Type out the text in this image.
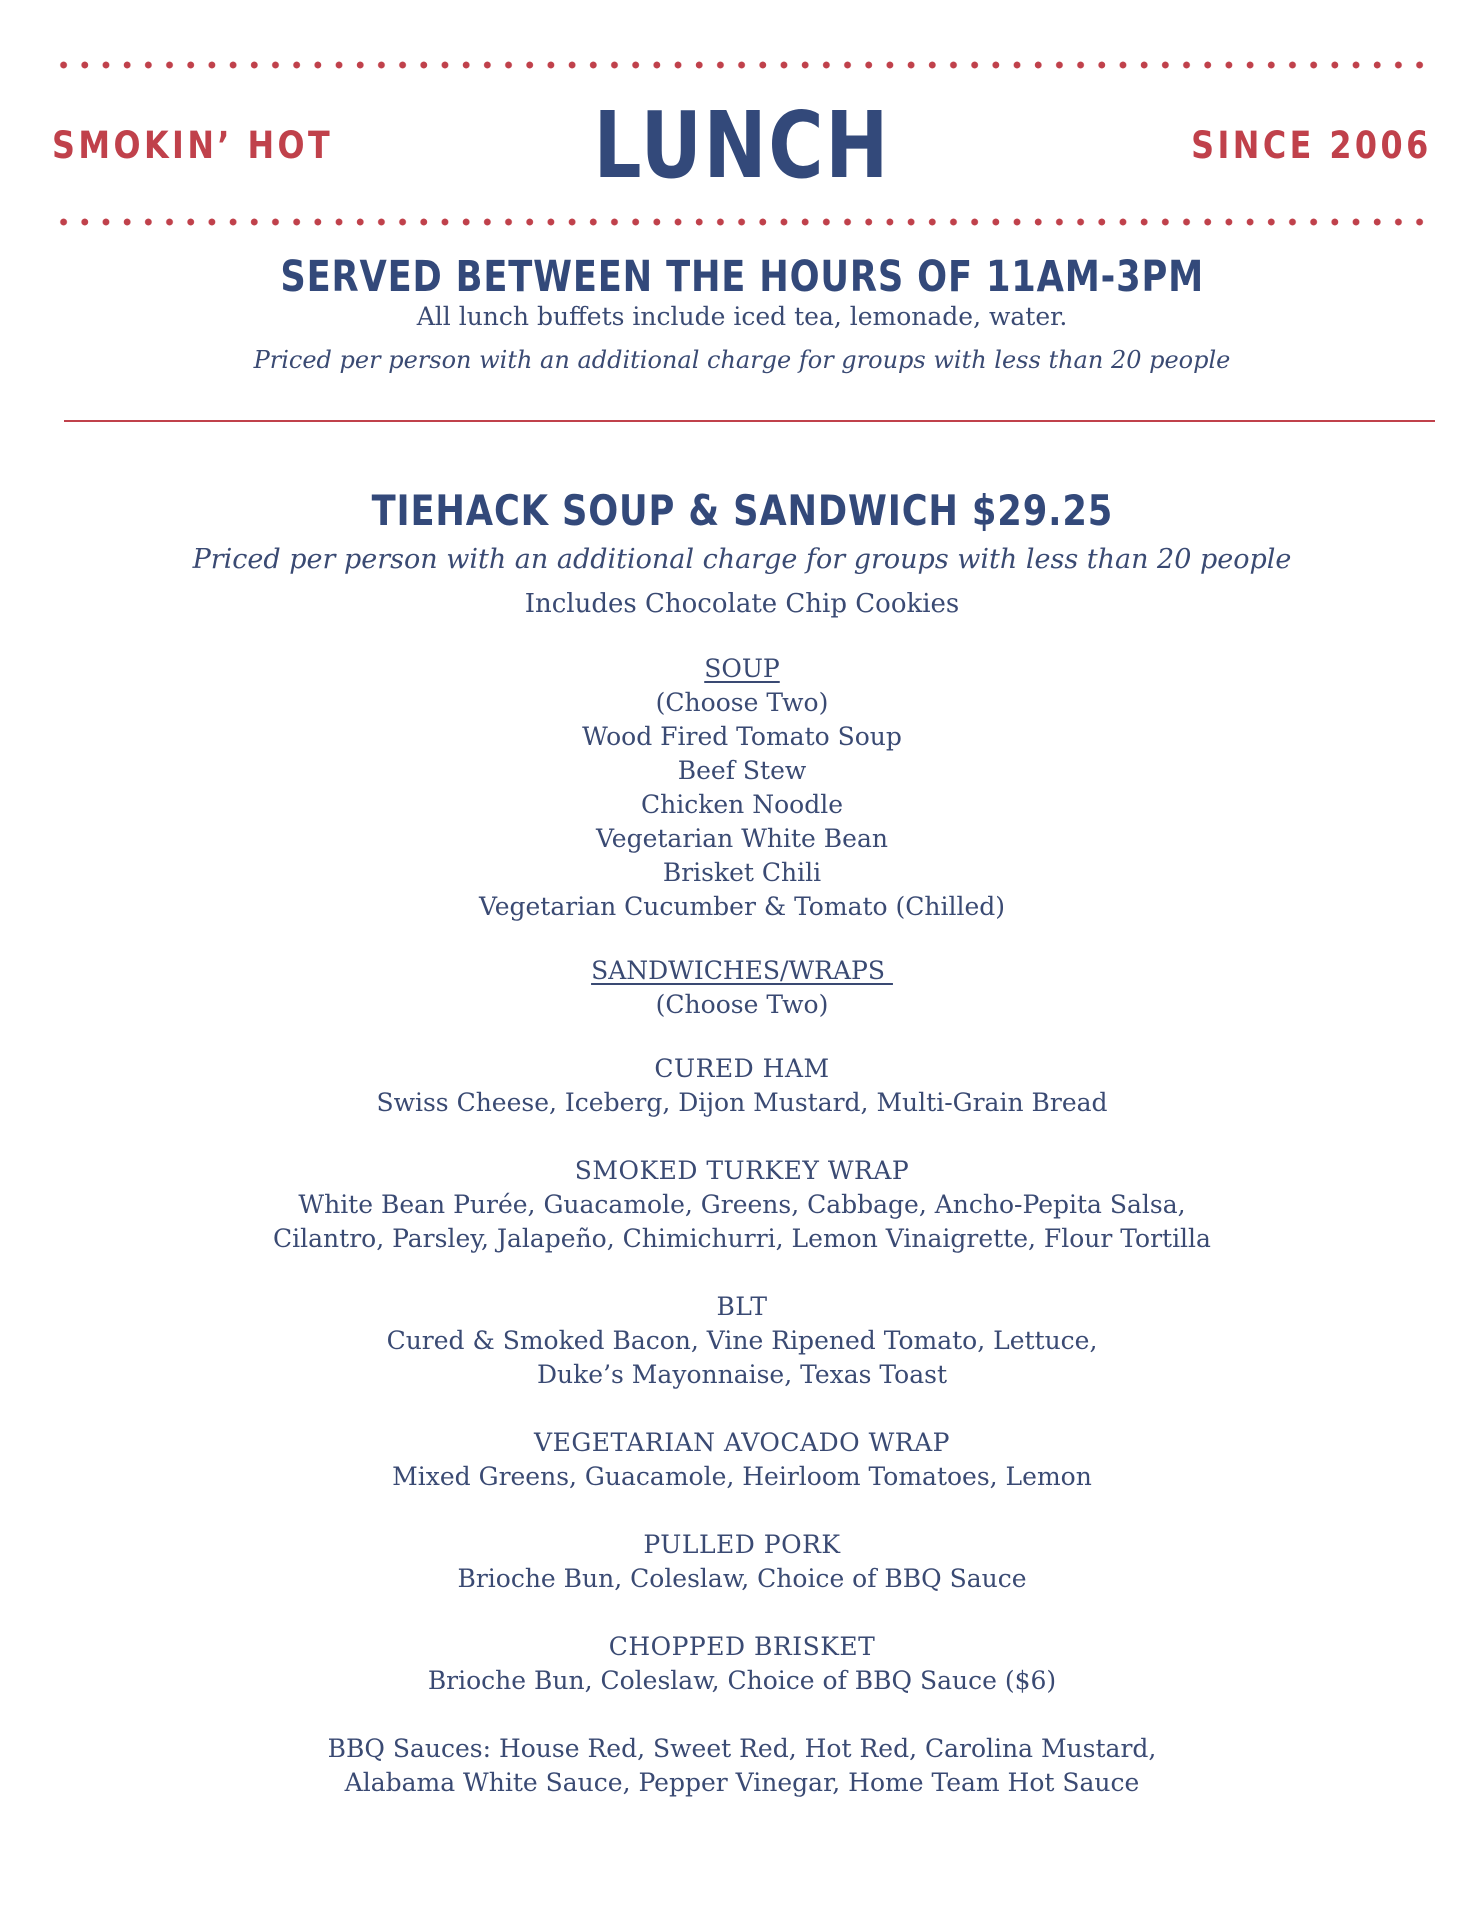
SMOKIN’ HOT	LUNCH	SINCE 2006
SERVED BETWEEN THE HOURS OF 11AM-3PM
All lunch buffets include iced tea, lemonade, water.
Priced per person with an additional charge for groups with less than 20 people
TIEHACK SOUP & SANDWICH $29.25
Priced per person with an additional charge for groups with less than 20 people
Includes Chocolate Chip Cookies

SOUP

(Choose Two)

Wood Fired Tomato Soup

Beef Stew

Chicken Noodle

Vegetarian White Bean

Brisket Chili

Vegetarian Cucumber & Tomato (Chilled)

SANDWICHES/WRAPS

(Choose Two)

CURED HAM

Swiss Cheese, Iceberg, Dijon Mustard, Multi-Grain Bread

SMOKED TURKEY WRAP

White Bean Purée, Guacamole, Greens, Cabbage, Ancho-Pepita Salsa,

Cilantro, Parsley, Jalapeño, Chimichurri, Lemon Vinaigrette, Flour Tortilla

BLT

Cured & Smoked Bacon, Vine Ripened Tomato, Lettuce,

Duke’s Mayonnaise, Texas Toast

VEGETARIAN AVOCADO WRAP

Mixed Greens, Guacamole, Heirloom Tomatoes, Lemon

PULLED PORK

Brioche Bun, Coleslaw, Choice of BBQ Sauce

CHOPPED BRISKET

Brioche Bun, Coleslaw, Choice of BBQ Sauce ($6)

BBQ Sauces: House Red, Sweet Red, Hot Red, Carolina Mustard,

Alabama White Sauce, Pepper Vinegar, Home Team Hot Sauce
